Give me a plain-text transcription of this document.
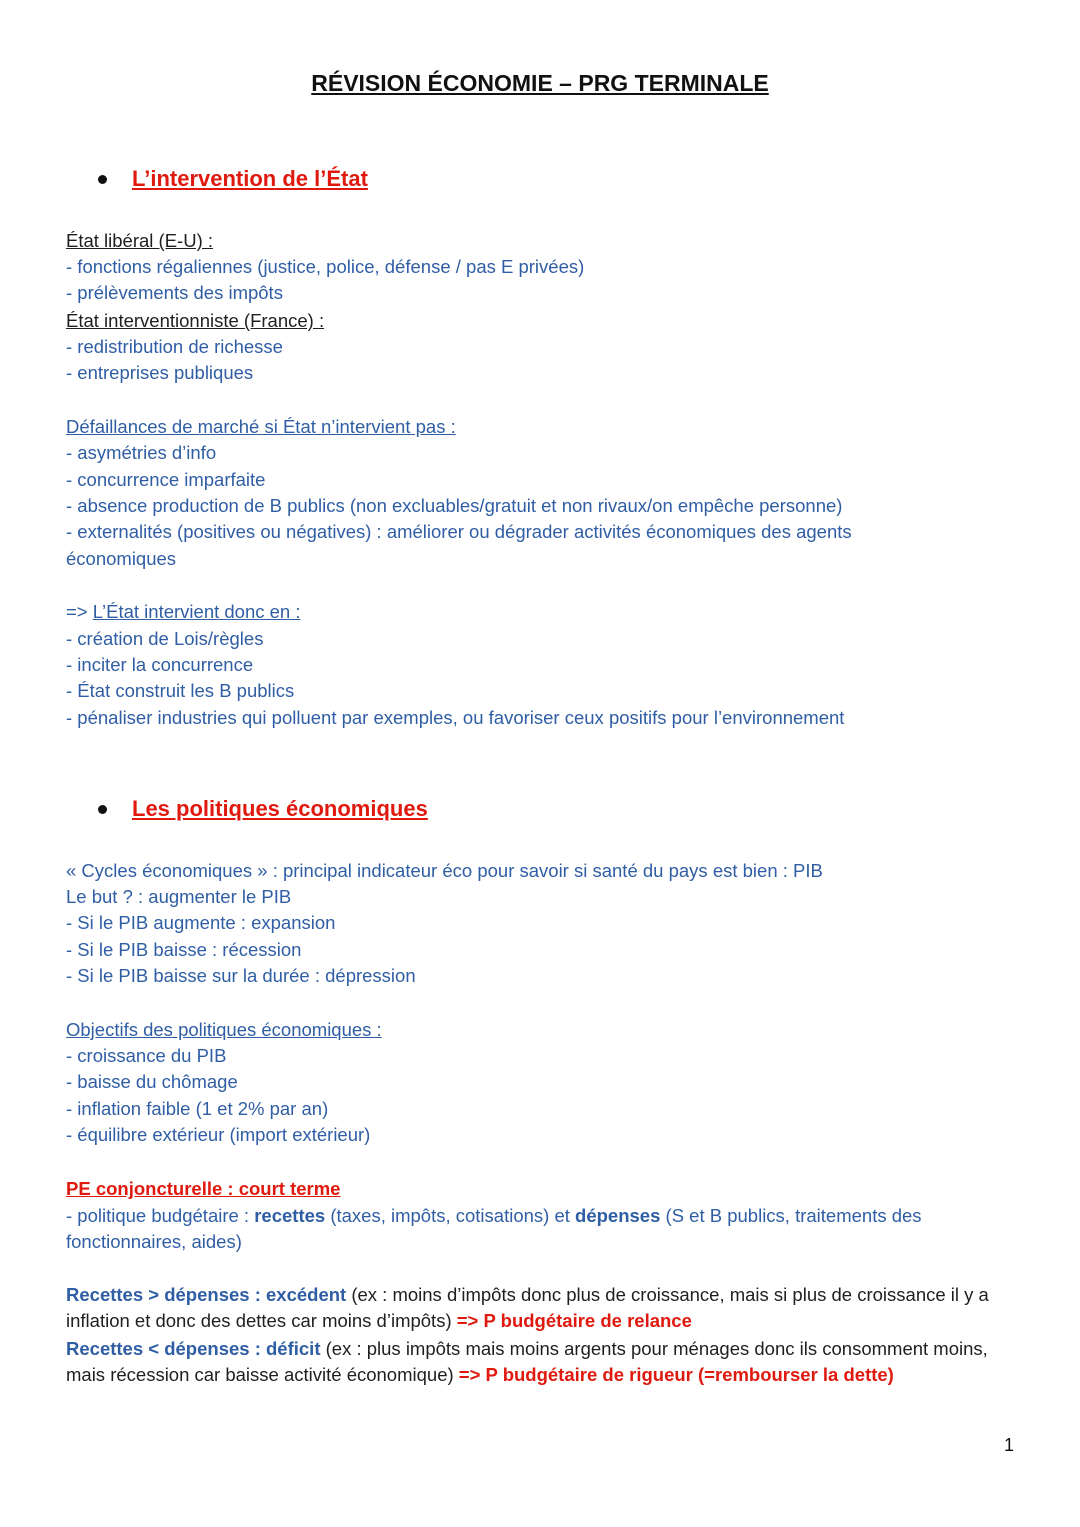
RÉVISION ÉCONOMIE – PRG TERMINALE
L’intervention de l’État
État libéral (E-U) :
- fonctions régaliennes (justice, police, défense / pas E privées)
- prélèvements des impôts
État interventionniste (France) :
- redistribution de richesse
- entreprises publiques
Défaillances de marché si État n’intervient pas :
- asymétries d’info
- concurrence imparfaite
- absence production de B publics (non excluables/gratuit et non rivaux/on empêche personne)
- externalités (positives ou négatives) : améliorer ou dégrader activités économiques des agents
économiques
=> L’État intervient donc en :
- création de Lois/règles
- inciter la concurrence
- État construit les B publics
- pénaliser industries qui polluent par exemples, ou favoriser ceux positifs pour l’environnement
Les politiques économiques
« Cycles économiques » : principal indicateur éco pour savoir si santé du pays est bien : PIB
Le but ? : augmenter le PIB
- Si le PIB augmente : expansion
- Si le PIB baisse : récession
- Si le PIB baisse sur la durée : dépression
Objectifs des politiques économiques :
- croissance du PIB
- baisse du chômage
- inflation faible (1 et 2% par an)
- équilibre extérieur (import extérieur)
PE conjoncturelle : court terme
- politique budgétaire : recettes (taxes, impôts, cotisations) et dépenses (S et B publics, traitements des fonctionnaires, aides)
Recettes > dépenses : excédent (ex : moins d’impôts donc plus de croissance, mais si plus de croissance il y a inflation et donc des dettes car moins d’impôts) => P budgétaire de relance
Recettes < dépenses : déficit (ex : plus impôts mais moins argents pour ménages donc ils consomment moins, mais récession car baisse activité économique) => P budgétaire de rigueur (=rembourser la dette)
1
